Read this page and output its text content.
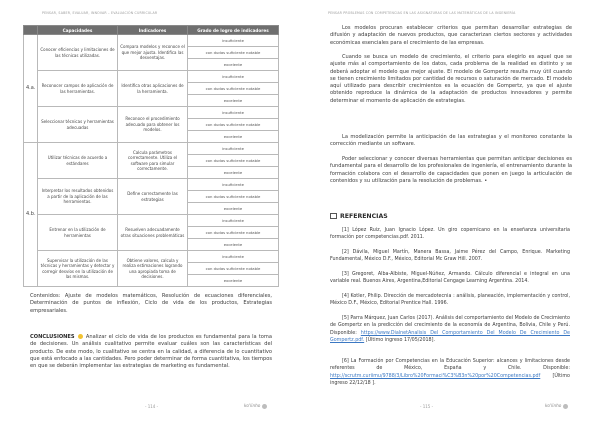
PENSAR, SABER, EVALUAR, INNOVAR – EVALUACIÓN CURRICULAR
	Capacidades	Indicadores	Grado de logro de indicadores
4.a.	Conocer eficiencias y limitaciones de las técnicas utilizadas.	Compara modelos y reconoce el que mejor ajusta. Identifica las desventajas.	insuficiente
			con dudas suficiente notable
			excelente
	Reconocer campos de aplicación de las herramientas.	Identifica otras aplicaciones de la herramienta.	insuficiente
			con dudas suficiente notable
			excelente
	Seleccionar técnicas y herramientas adecuadas	Reconoce el procedimiento adecuado para obtener los modelos.	insuficiente
			con dudas suficiente notable
			excelente
4.b.	Utilizar técnicas de acuerdo a estándares	Calcula parámetros correctamente. Utiliza el software para simular correctamente.	insuficiente
			con dudas suficiente notable
			excelente
	Interpretar los resultados obtenidos a partir de la aplicación de las herramientas.	Define correctamente las estrategias	insuficiente
			con dudas suficiente notable
			excelente
	Entrenar en la utilización de herramientas	Resuelven adecuadamente otras situaciones problemáticas	insuficiente
			con dudas suficiente notable
			excelente
	Supervisar la utilización de las técnicas y herramientas y detectar y corregir desvíos en la utilización de las mismas.	Obtiene valores, calcula y realiza estimaciones logrando una apropiada toma de decisiones.	insuficiente
			con dudas suficiente notable
			excelente
Contenidos: Ajuste de modelos matemáticos, Resolución de ecuaciones diferenciales, Determinación de puntos de inflexión, Ciclo de vida de los productos, Estrategias empresariales.
CONCLUSIONES Analizar el ciclo de vida de los productos es fundamental para la toma de decisiones. Un análisis cualitativo permite evaluar cuáles son las características del producto. De este modo, lo cualitativo se centra en la calidad, a diferencia de lo cuantitativo que está enfocado a las cantidades. Pero poder determinar de forma cuantitativa, los tiempos en que se deberán implementar las estrategias de marketing es fundamental.
- 114 -	ko'linho
PENSAR PROBLEMAS CON COMPETENCIAS EN LAS ASIGNATURAS DE LAS MATEMÁTICAS DE LA INGENIERÍA
Los modelos procuran establecer criterios que permitan desarrollar estrategias de difusión y adaptación de nuevos productos, que caracterizan ciertos sectores y actividades económicas esenciales para el crecimiento de las empresas.
Cuando se busca un modelo de crecimiento, el criterio para elegirlo es aquel que se ajuste más al comportamiento de los datos, cada problema de la realidad es distinto y se deberá adoptar el modelo que mejor ajuste. El modelo de Gompertz resulta muy útil cuando se tienen crecimiento limitados por cantidad de recursos o saturación de mercado. El modelo aquí utilizado para describir crecimientos es la ecuación de Gompertz, ya que el ajuste obtenido reproduce la dinámica de la adaptación de productos innovadores y permite determinar el momento de aplicación de estrategias.
La modelización permite la anticipación de las estrategias y el monitoreo constante la corrección mediante un software.
Poder seleccionar y conocer diversas herramientas que permitan anticipar decisiones es fundamental para el desarrollo de los profesionales de ingeniería, el entrenamiento durante la formación colabora con el desarrollo de capacidades que ponen en juego la articulación de contenidos y su utilización para la resolución de problemas. •
REFERENCIAS
[1] López Ruiz, Juan Ignacio López. Un giro copernicano en la enseñanza universitaria formación por competencias.pdf. 2011.
[2] Dávila, Miguel Martín, Manera Bassa, Jaime Pérez del Campo, Enrique. Marketing Fundamental, México D.F., México, Editorial Mc Graw Hill. 2007.
[3] Gregoret, Alba-Albiste, Miguel-Núñez, Armando. Cálculo diferencial e integral en una variable real. Buenos Aires, Argentina,Editorial Cengage Learning Argentina. 2014.
[4] Kotler, Philip. Dirección de mercadotecnia : análisis, planeación, implementación y control, México D.F., México, Editorial Prentice Hall. 1996.
[5] Parra Márquez, Juan Carlos (2017). Análisis del comportamiento del Modelo de Crecimiento de Gompertz en la predicción del crecimiento de la economía de Argentina, Bolivia, Chile y Perú. Disponible: https://www.DialnetAnalisis Del Comportamiento Del Modelo De Crecimiento De Gompertz.pdf. [Último ingreso 17/05/2018].
[6] La Formación por Competencias en la Educación Superior: alcances y limitaciones desde referentes de México, España y Chile. Disponible: http://scrutm.curiimu/9788/3/Libro%20Formaci%C3%B3n%20por%20Competencias.pdf	[Último ingreso 22/12/18 ].
- 115 -	ko'linho
